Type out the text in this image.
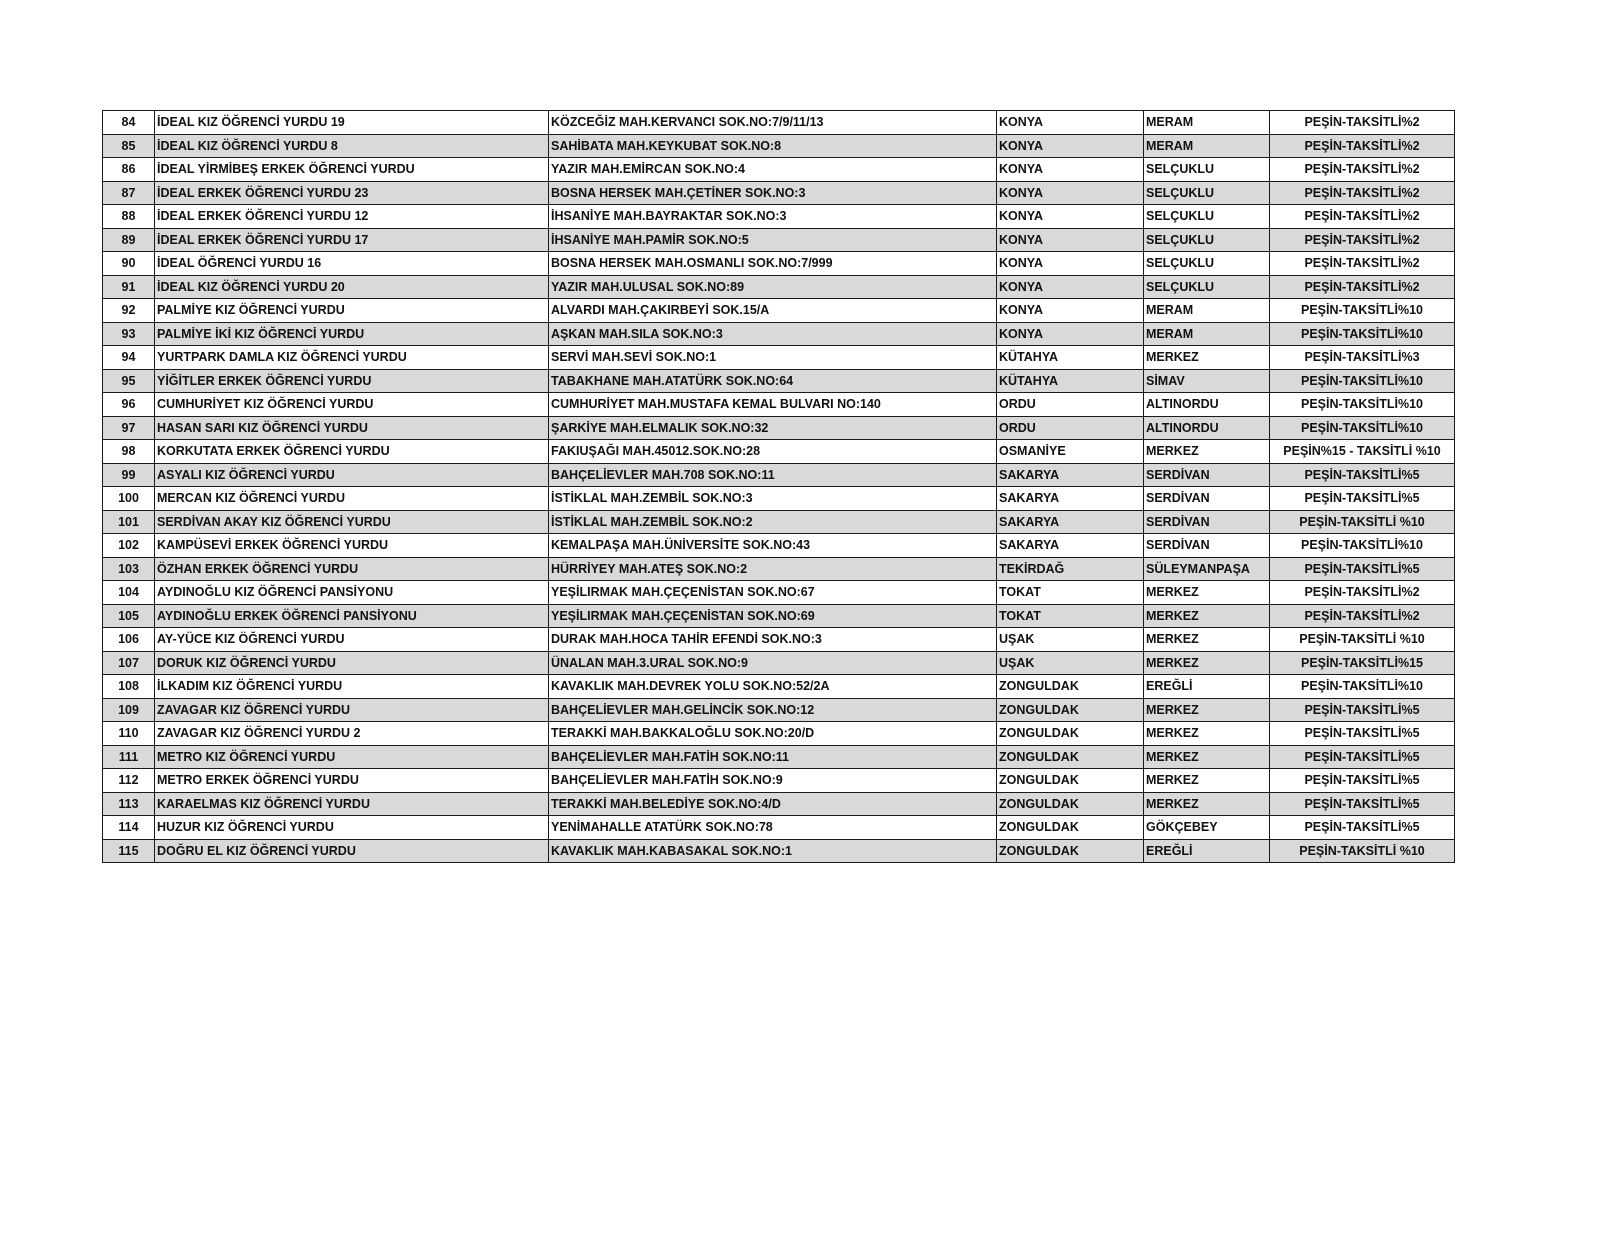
84	İDEAL KIZ ÖĞRENCİ YURDU 19	KÖZCEĞİZ MAH.KERVANCI SOK.NO:7/9/11/13	KONYA	MERAM	PEŞİN-TAKSİTLİ%2
85	İDEAL KIZ ÖĞRENCİ YURDU 8	SAHİBATA MAH.KEYKUBAT SOK.NO:8	KONYA	MERAM	PEŞİN-TAKSİTLİ%2
86	İDEAL YİRMİBEŞ ERKEK ÖĞRENCİ YURDU	YAZIR MAH.EMİRCAN SOK.NO:4	KONYA	SELÇUKLU	PEŞİN-TAKSİTLİ%2
87	İDEAL ERKEK ÖĞRENCİ YURDU 23	BOSNA HERSEK MAH.ÇETİNER SOK.NO:3	KONYA	SELÇUKLU	PEŞİN-TAKSİTLİ%2
88	İDEAL ERKEK ÖĞRENCİ YURDU 12	İHSANİYE MAH.BAYRAKTAR SOK.NO:3	KONYA	SELÇUKLU	PEŞİN-TAKSİTLİ%2
89	İDEAL ERKEK ÖĞRENCİ YURDU 17	İHSANİYE MAH.PAMİR SOK.NO:5	KONYA	SELÇUKLU	PEŞİN-TAKSİTLİ%2
90	İDEAL ÖĞRENCİ YURDU 16	BOSNA HERSEK MAH.OSMANLI SOK.NO:7/999	KONYA	SELÇUKLU	PEŞİN-TAKSİTLİ%2
91	İDEAL KIZ ÖĞRENCİ YURDU 20	YAZIR MAH.ULUSAL SOK.NO:89	KONYA	SELÇUKLU	PEŞİN-TAKSİTLİ%2
92	PALMİYE KIZ ÖĞRENCİ YURDU	ALVARDI MAH.ÇAKIRBEYİ SOK.15/A	KONYA	MERAM	PEŞİN-TAKSİTLİ%10
93	PALMİYE İKİ KIZ ÖĞRENCİ YURDU	AŞKAN MAH.SILA SOK.NO:3	KONYA	MERAM	PEŞİN-TAKSİTLİ%10
94	YURTPARK DAMLA KIZ ÖĞRENCİ YURDU	SERVİ MAH.SEVİ SOK.NO:1	KÜTAHYA	MERKEZ	PEŞİN-TAKSİTLİ%3
95	YİĞİTLER ERKEK ÖĞRENCİ YURDU	TABAKHANE MAH.ATATÜRK SOK.NO:64	KÜTAHYA	SİMAV	PEŞİN-TAKSİTLİ%10
96	CUMHURİYET KIZ ÖĞRENCİ YURDU	CUMHURİYET MAH.MUSTAFA KEMAL BULVARI NO:140	ORDU	ALTINORDU	PEŞİN-TAKSİTLİ%10
97	HASAN SARI KIZ ÖĞRENCİ YURDU	ŞARKİYE MAH.ELMALIK SOK.NO:32	ORDU	ALTINORDU	PEŞİN-TAKSİTLİ%10
98	KORKUTATA ERKEK ÖĞRENCİ YURDU	FAKIUŞAĞI MAH.45012.SOK.NO:28	OSMANİYE	MERKEZ	PEŞİN%15 - TAKSİTLİ %10
99	ASYALI KIZ ÖĞRENCİ YURDU	BAHÇELİEVLER MAH.708 SOK.NO:11	SAKARYA	SERDİVAN	PEŞİN-TAKSİTLİ%5
100	MERCAN KIZ ÖĞRENCİ YURDU	İSTİKLAL MAH.ZEMBİL SOK.NO:3	SAKARYA	SERDİVAN	PEŞİN-TAKSİTLİ%5
101	SERDİVAN AKAY KIZ ÖĞRENCİ YURDU	İSTİKLAL MAH.ZEMBİL SOK.NO:2	SAKARYA	SERDİVAN	PEŞİN-TAKSİTLİ %10
102	KAMPÜSEVİ ERKEK ÖĞRENCİ YURDU	KEMALPAŞA MAH.ÜNİVERSİTE SOK.NO:43	SAKARYA	SERDİVAN	PEŞİN-TAKSİTLİ%10
103	ÖZHAN ERKEK ÖĞRENCİ YURDU	HÜRRİYEY MAH.ATEŞ SOK.NO:2	TEKİRDAĞ	SÜLEYMANPAŞA	PEŞİN-TAKSİTLİ%5
104	AYDINOĞLU KIZ ÖĞRENCİ PANSİYONU	YEŞİLIRMAK MAH.ÇEÇENİSTAN SOK.NO:67	TOKAT	MERKEZ	PEŞİN-TAKSİTLİ%2
105	AYDINOĞLU ERKEK ÖĞRENCİ PANSİYONU	YEŞİLIRMAK MAH.ÇEÇENİSTAN SOK.NO:69	TOKAT	MERKEZ	PEŞİN-TAKSİTLİ%2
106	AY-YÜCE KIZ ÖĞRENCİ YURDU	DURAK MAH.HOCA TAHİR EFENDİ SOK.NO:3	UŞAK	MERKEZ	PEŞİN-TAKSİTLİ %10
107	DORUK KIZ ÖĞRENCİ YURDU	ÜNALAN MAH.3.URAL SOK.NO:9	UŞAK	MERKEZ	PEŞİN-TAKSİTLİ%15
108	İLKADIM KIZ ÖĞRENCİ YURDU	KAVAKLIK MAH.DEVREK YOLU SOK.NO:52/2A	ZONGULDAK	EREĞLİ	PEŞİN-TAKSİTLİ%10
109	ZAVAGAR KIZ ÖĞRENCİ YURDU	BAHÇELİEVLER MAH.GELİNCİK SOK.NO:12	ZONGULDAK	MERKEZ	PEŞİN-TAKSİTLİ%5
110	ZAVAGAR KIZ ÖĞRENCİ YURDU 2	TERAKKİ MAH.BAKKALOĞLU SOK.NO:20/D	ZONGULDAK	MERKEZ	PEŞİN-TAKSİTLİ%5
111	METRO KIZ ÖĞRENCİ YURDU	BAHÇELİEVLER MAH.FATİH SOK.NO:11	ZONGULDAK	MERKEZ	PEŞİN-TAKSİTLİ%5
112	METRO ERKEK ÖĞRENCİ YURDU	BAHÇELİEVLER MAH.FATİH SOK.NO:9	ZONGULDAK	MERKEZ	PEŞİN-TAKSİTLİ%5
113	KARAELMAS KIZ ÖĞRENCİ YURDU	TERAKKİ MAH.BELEDİYE SOK.NO:4/D	ZONGULDAK	MERKEZ	PEŞİN-TAKSİTLİ%5
114	HUZUR KIZ ÖĞRENCİ YURDU	YENİMAHALLE ATATÜRK SOK.NO:78	ZONGULDAK	GÖKÇEBEY	PEŞİN-TAKSİTLİ%5
115	DOĞRU EL KIZ ÖĞRENCİ YURDU	KAVAKLIK MAH.KABASAKAL SOK.NO:1	ZONGULDAK	EREĞLİ	PEŞİN-TAKSİTLİ %10
